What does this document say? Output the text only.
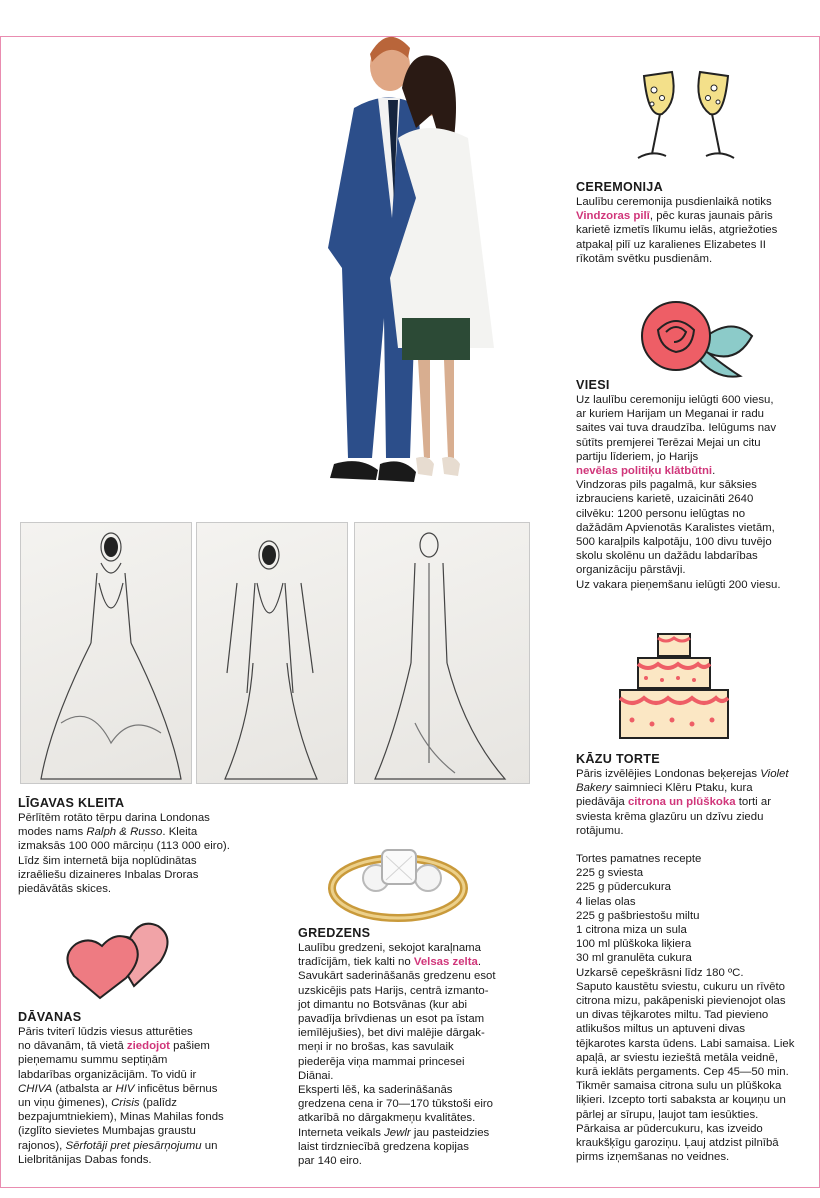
CEREMONIJA

Laulību ceremonija pusdienlaikā notiks

Vindzoras pilī, pēc kuras jaunais pāris

karietē izmetīs līkumu ielās, atgriežoties

atpakaļ pilī uz karalienes Elizabetes II

rīkotām svētku pusdienām.

VIESI

Uz laulību ceremoniju ielūgti 600 viesu,

ar kuriem Harijam un Meganai ir radu

saites vai tuva draudzība. Ielūgums nav

sūtīts premjerei Terēzai Mejai un citu

partiju līderiem, jo Harijs

nevēlas politiķu klātbūtni.

Vindzoras pils pagalmā, kur sāksies

izbrauciens karietē, uzaicināti 2640

cilvēku: 1200 personu ielūgtas no

dažādām Apvienotās Karalistes vietām,

500 karaļpils kalpotāju, 100 divu tuvējo

skolu skolēnu un dažādu labdarības

organizāciju pārstāvji.

Uz vakara pieņemšanu ielūgti 200 viesu.

KĀZU TORTE

Pāris izvēlējies Londonas beķerejas Violet

Bakery saimnieci Klēru Ptaku, kura

piedāvāja citrona un plūškoka torti ar

sviesta krēma glazūru un dzīvu ziedu

rotājumu.

Tortes pamatnes recepte

225 g sviesta

225 g pūdercukura

4 lielas olas

225 g pašbriestošu miltu

1 citrona miza un sula

100 ml plūškoka liķiera

30 ml granulēta cukura

Uzkarsē cepeškrāsni līdz 180 ºC.

Saputo kaustētu sviestu, cukuru un rīvēto

citrona mizu, pakāpeniski pievienojot olas

un divas tējkarotes miltu. Tad pievieno

atlikušos miltus un aptuveni divas

tējkarotes karsta ūdens. Labi samaisa. Liek

apaļā, ar sviestu iezieštā metāla veidnē,

kurā ieklāts pergaments. Cep 45—50 min.

Tikmēr samaisa citrona sulu un plūškoka

liķieri. Izcepto torti sabaksta ar koциņu un

pārlej ar sīrupu, ļaujot tam iesūkties.

Pārkaisa ar pūdercukuru, kas izveido

kraukšķīgu garoziņu. Ļauj atdzist pilnībā

pirms izņemšanas no veidnes.

LĪGAVAS KLEITA

Pērlītēm rotāto tērpu darina Londonas

modes nams Ralph & Russo. Kleita

izmaksās 100 000 mārciņu (113 000 eiro).

Līdz šim internetā bija noplūdinātas

izraēliešu dizaineres Inbalas Droras

piedāvātās skices.

GREDZENS

Laulību gredzeni, sekojot karaļnama

tradīcijām, tiek kalti no Velsas zelta.

Savukārt saderināšanās gredzenu esot

uzskicējis pats Harijs, centrā izmanto-

jot dimantu no Botsvānas (kur abi

pavadīja brīvdienas un esot pa īstam

iemīlējušies), bet divi malējie dārgak-

meņi ir no brošas, kas savulaik

piederēja viņa mammai princesei

Diānai.

Eksperti lēš, ka saderināšanās

gredzena cena ir 70—170 tūkstoši eiro

atkarībā no dārgakmeņu kvalitātes.

Interneta veikals Jewlr jau pasteidzies

laist tirdzniecībā gredzena kopijas

par 140 eiro.

DĀVANAS

Pāris tviterī lūdzis viesus atturēties

no dāvanām, tā vietā ziedojot pašiem

pieņemamu summu septiņām

labdarības organizācijām. To vidū ir

CHIVA (atbalsta ar HIV inficētus bērnus

un viņu ģimenes), Crisis (palīdz

bezpajumtniekiem), Minas Mahilas fonds

(izglīto sievietes Mumbajas graustu

rajonos), Sērfotāji pret piesārņojumu un

Lielbritānijas Dabas fonds.
